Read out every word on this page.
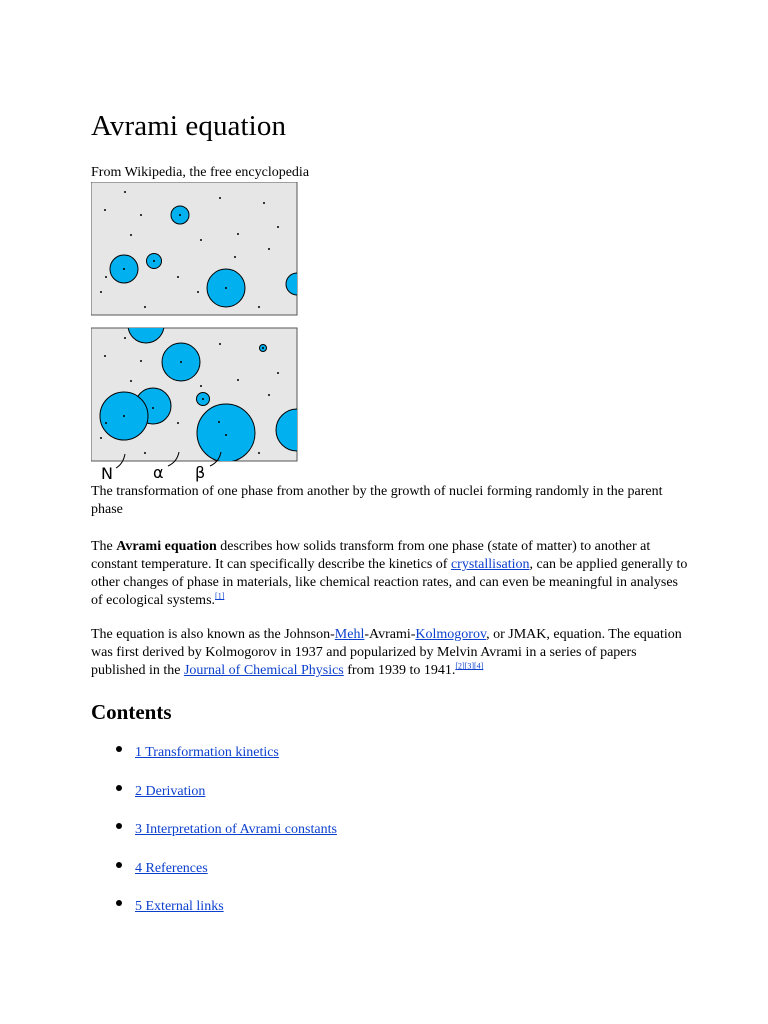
Avrami equation
From Wikipedia, the free encyclopedia
N	α β
The transformation of one phase from another by the growth of nuclei forming randomly in the parent phase
The Avrami equation describes how solids transform from one phase (state of matter) to another at constant temperature. It can specifically describe the kinetics of crystallisation, can be applied generally to other changes of phase in materials, like chemical reaction rates, and can even be meaningful in analyses of ecological systems.[1]
The equation is also known as the Johnson-Mehl-Avrami-Kolmogorov, or JMAK, equation. The equation was first derived by Kolmogorov in 1937 and popularized by Melvin Avrami in a series of papers published in the Journal of Chemical Physics from 1939 to 1941.[2][3][4]
Contents
1 Transformation kinetics
2 Derivation
3 Interpretation of Avrami constants
4 References
5 External links
